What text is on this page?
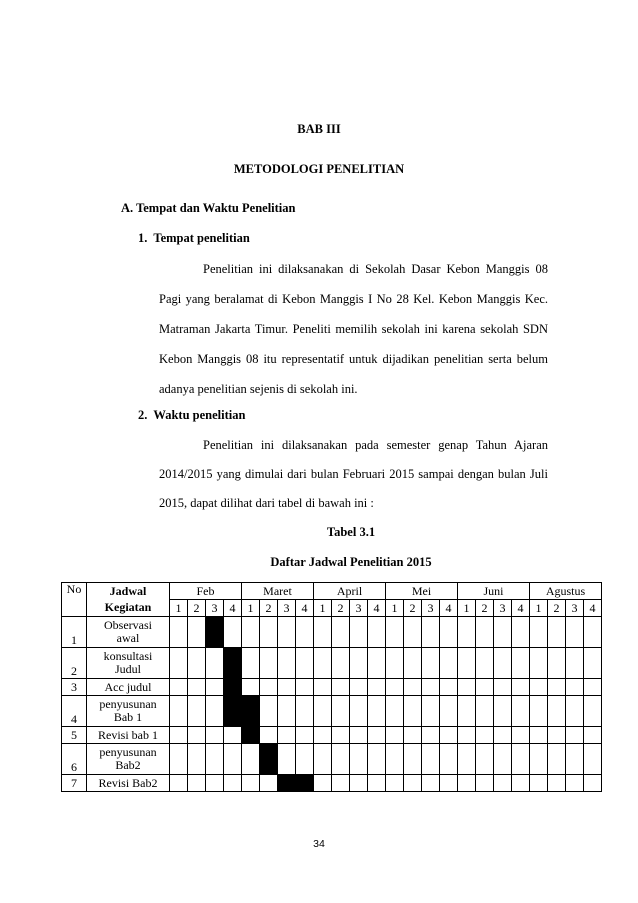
BAB III
METODOLOGI PENELITIAN
A. Tempat dan Waktu Penelitian
1. Tempat penelitian
Penelitian ini dilaksanakan di Sekolah Dasar Kebon Manggis 08
Pagi yang beralamat di Kebon Manggis I No 28 Kel. Kebon Manggis Kec.
Matraman Jakarta Timur. Peneliti memilih sekolah ini karena sekolah SDN
Kebon Manggis 08 itu representatif untuk dijadikan penelitian serta belum
adanya penelitian sejenis di sekolah ini.
2. Waktu penelitian
Penelitian ini dilaksanakan pada semester genap Tahun Ajaran
2014/2015 yang dimulai dari bulan Februari 2015 sampai dengan bulan Juli
2015, dapat dilihat dari tabel di bawah ini :
Tabel 3.1
Daftar Jadwal Penelitian 2015
No	Jadwal	Feb				Maret				April				Mei				Juni				Agustus			
	Kegiatan	1	2	3	4	1	2	3	4	1	2	3	4	1	2	3	4	1	2	3	4	1	2	3	4
1	Observasi
awal																								

2	konsultasi
Judul																								

3	Acc judul																								

4	penyusunan
Bab 1																								

5	Revisi bab 1																								

6	penyusunan
Bab2																								

7	Revisi Bab2																								

34
